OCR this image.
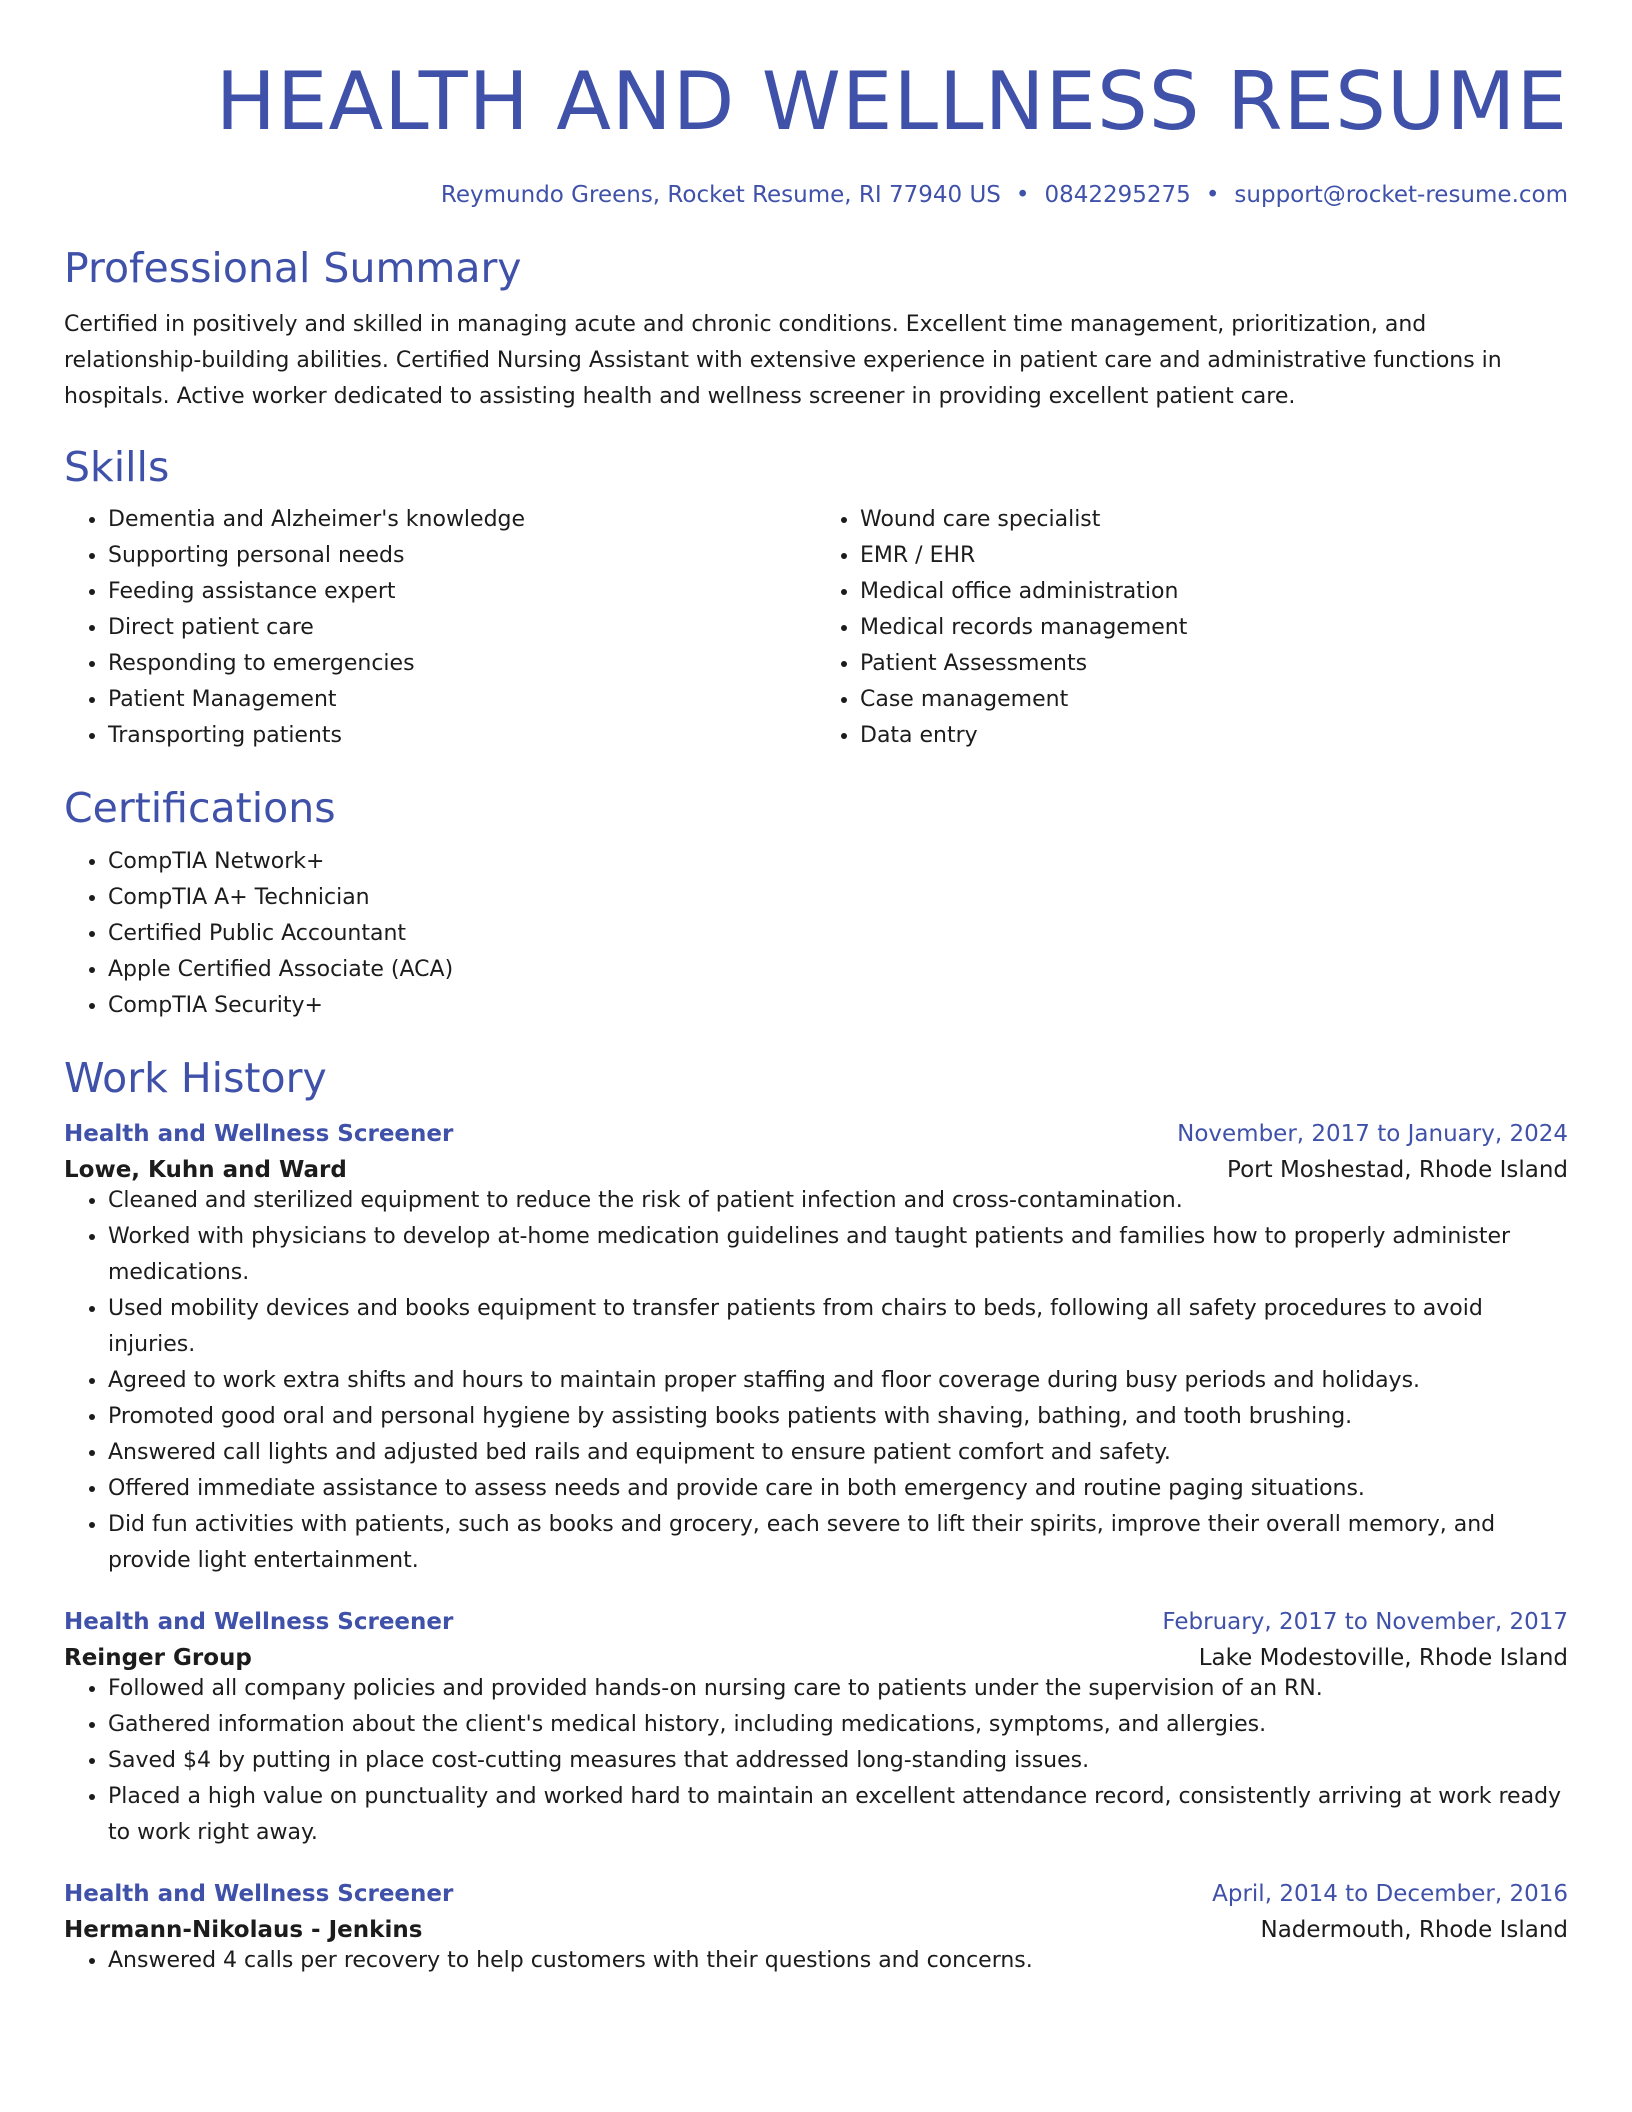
HEALTH AND WELLNESS RESUME
Reymundo Greens, Rocket Resume, RI 77940 US • 0842295275 • support@rocket-resume.com
Professional Summary

Certified in positively and skilled in managing acute and chronic conditions. Excellent time management, prioritization, and relationship-building abilities. Certified Nursing Assistant with extensive experience in patient care and administrative functions in hospitals. Active worker dedicated to assisting health and wellness screener in providing excellent patient care.

Skills
• Dementia and Alzheimer's knowledge
• Supporting personal needs
• Feeding assistance expert
• Direct patient care
• Responding to emergencies
• Patient Management
• Transporting patients
• Wound care specialist
• EMR / EHR
• Medical office administration
• Medical records management
• Patient Assessments
• Case management
• Data entry
Certifications
• CompTIA Network+
• CompTIA A+ Technician
• Certified Public Accountant
• Apple Certified Associate (ACA)
• CompTIA Security+
Work History
Health and Wellness Screener	November, 2017 to January, 2024
Lowe, Kuhn and Ward	Port Moshestad, Rhode Island
• Cleaned and sterilized equipment to reduce the risk of patient infection and cross-contamination.
• Worked with physicians to develop at-home medication guidelines and taught patients and families how to properly administer medications.
• Used mobility devices and books equipment to transfer patients from chairs to beds, following all safety procedures to avoid injuries.
• Agreed to work extra shifts and hours to maintain proper staffing and floor coverage during busy periods and holidays.
• Promoted good oral and personal hygiene by assisting books patients with shaving, bathing, and tooth brushing.
• Answered call lights and adjusted bed rails and equipment to ensure patient comfort and safety.
• Offered immediate assistance to assess needs and provide care in both emergency and routine paging situations.
• Did fun activities with patients, such as books and grocery, each severe to lift their spirits, improve their overall memory, and provide light entertainment.
Health and Wellness Screener	February, 2017 to November, 2017
Reinger Group	Lake Modestoville, Rhode Island
• Followed all company policies and provided hands-on nursing care to patients under the supervision of an RN.
• Gathered information about the client's medical history, including medications, symptoms, and allergies.
• Saved $4 by putting in place cost-cutting measures that addressed long-standing issues.
• Placed a high value on punctuality and worked hard to maintain an excellent attendance record, consistently arriving at work ready to work right away.
Health and Wellness Screener	April, 2014 to December, 2016
Hermann-Nikolaus - Jenkins	Nadermouth, Rhode Island
• Answered 4 calls per recovery to help customers with their questions and concerns.
